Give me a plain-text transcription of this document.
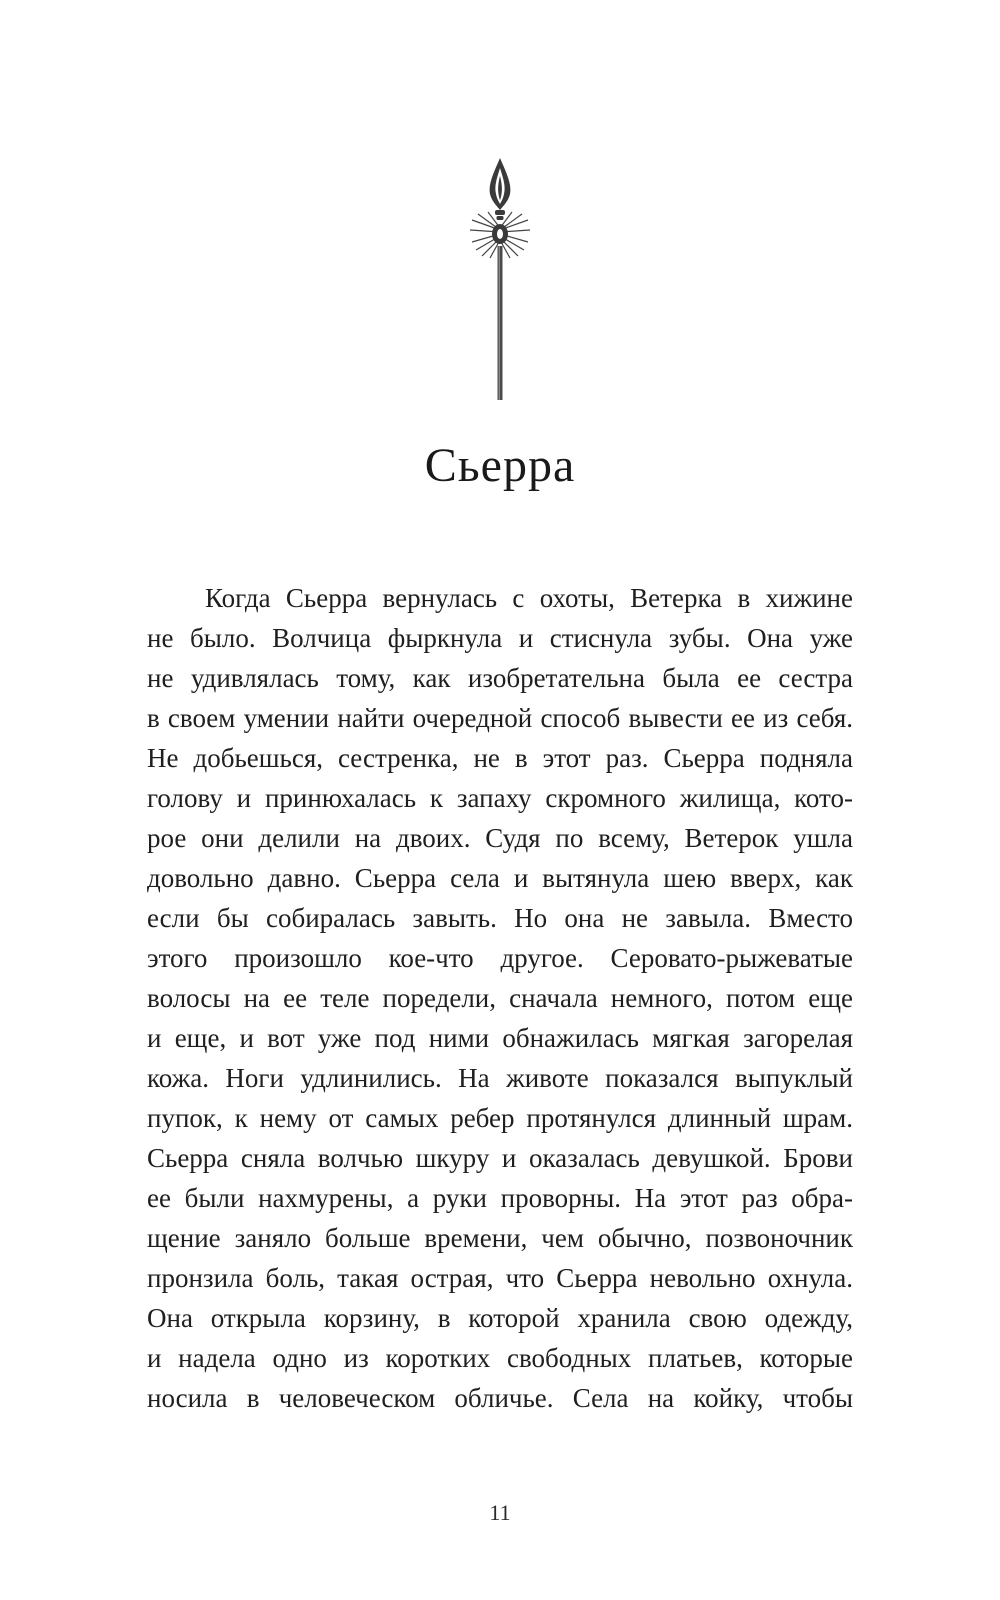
Сьерра
Когда Сьерра вернулась с охоты, Ветерка в хижине
не было. Волчица фыркнула и стиснула зубы. Она уже
не удивлялась тому, как изобретательна была ее сестра
в своем умении найти очередной способ вывести ее из себя.
Не добьешься, сестренка, не в этот раз. Сьерра подняла
голову и принюхалась к запаху скромного жилища, кото-
рое они делили на двоих. Судя по всему, Ветерок ушла
довольно давно. Сьерра села и вытянула шею вверх, как
если бы собиралась завыть. Но она не завыла. Вместо
этого произошло кое-что другое. Серовато-рыжеватые
волосы на ее теле поредели, сначала немного, потом еще
и еще, и вот уже под ними обнажилась мягкая загорелая
кожа. Ноги удлинились. На животе показался выпуклый
пупок, к нему от самых ребер протянулся длинный шрам.
Сьерра сняла волчью шкуру и оказалась девушкой. Брови
ее были нахмурены, а руки проворны. На этот раз обра-
щение заняло больше времени, чем обычно, позвоночник
пронзила боль, такая острая, что Сьерра невольно охнула.
Она открыла корзину, в которой хранила свою одежду,
и надела одно из коротких свободных платьев, которые
носила в человеческом обличье. Села на койку, чтобы
11
